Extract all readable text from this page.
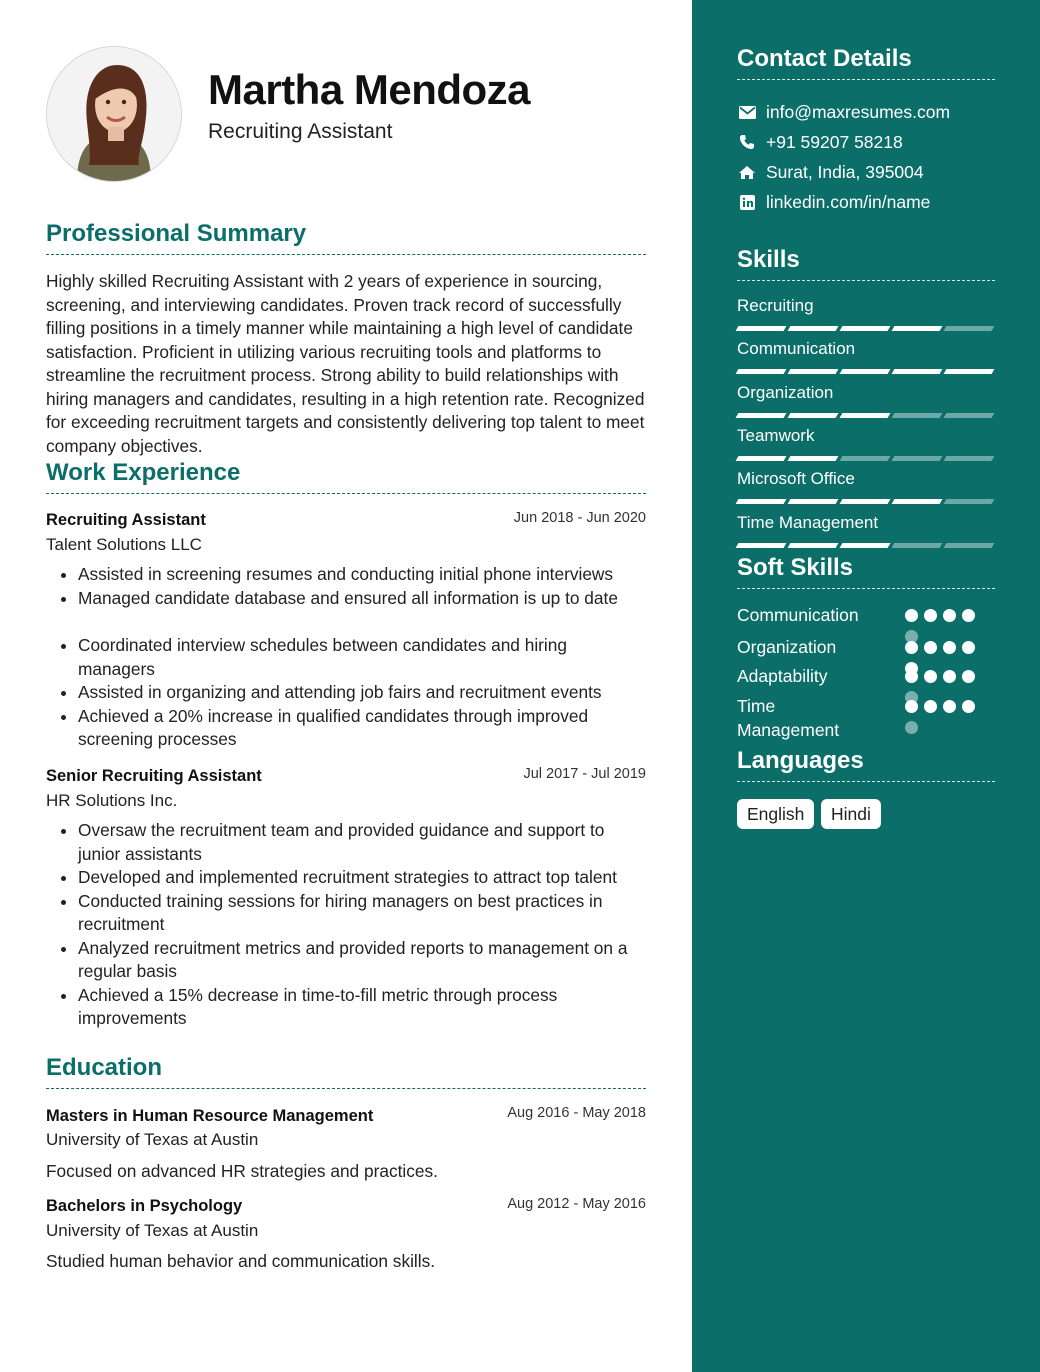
Martha Mendoza
Recruiting Assistant
Professional Summary
Highly skilled Recruiting Assistant with 2 years of experience in sourcing, screening, and interviewing candidates. Proven track record of successfully filling positions in a timely manner while maintaining a high level of candidate satisfaction. Proficient in utilizing various recruiting tools and platforms to streamline the recruitment process. Strong ability to build relationships with hiring managers and candidates, resulting in a high retention rate. Recognized for exceeding recruitment targets and consistently delivering top talent to meet company objectives.
Work Experience
Recruiting Assistant	Jun 2018 - Jun 2020
Talent Solutions LLC
• Assisted in screening resumes and conducting initial phone interviews
• Managed candidate database and ensured all information is up to date
• Coordinated interview schedules between candidates and hiring managers
• Assisted in organizing and attending job fairs and recruitment events
• Achieved a 20% increase in qualified candidates through improved screening processes
Senior Recruiting Assistant	Jul 2017 - Jul 2019
HR Solutions Inc.
• Oversaw the recruitment team and provided guidance and support to junior assistants
• Developed and implemented recruitment strategies to attract top talent
• Conducted training sessions for hiring managers on best practices in recruitment
• Analyzed recruitment metrics and provided reports to management on a regular basis
• Achieved a 15% decrease in time-to-fill metric through process improvements
Education
Masters in Human Resource Management	Aug 2016 - May 2018
University of Texas at Austin
Focused on advanced HR strategies and practices.
Bachelors in Psychology	Aug 2012 - May 2016
University of Texas at Austin
Studied human behavior and communication skills.
Contact Details
info@maxresumes.com
+91 59207 58218
Surat, India, 395004
linkedin.com/in/name
Skills
Recruiting
Communication
Organization
Teamwork
Microsoft Office
Time Management
Soft Skills
Communication
Organization
Adaptability
Time Management
Languages
English	Hindi
